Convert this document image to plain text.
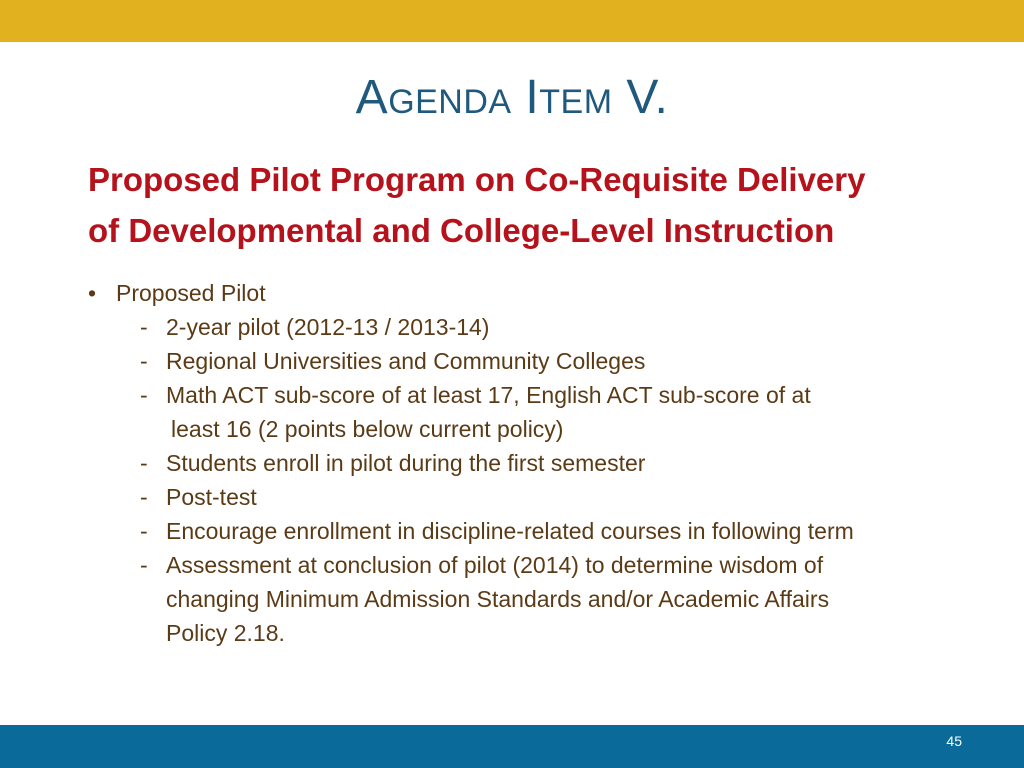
Agenda Item V.
Proposed Pilot Program on Co-Requisite Delivery
of Developmental and College-Level Instruction
• Proposed Pilot
- 2-year pilot (2012-13 / 2013-14)
- Regional Universities and Community Colleges
- Math ACT sub-score of at least 17, English ACT sub-score of at
least 16 (2 points below current policy)
- Students enroll in pilot during the first semester
- Post-test
- Encourage enrollment in discipline-related courses in following term
- Assessment at conclusion of pilot (2014) to determine wisdom of
changing Minimum Admission Standards and/or Academic Affairs
Policy 2.18.
45
